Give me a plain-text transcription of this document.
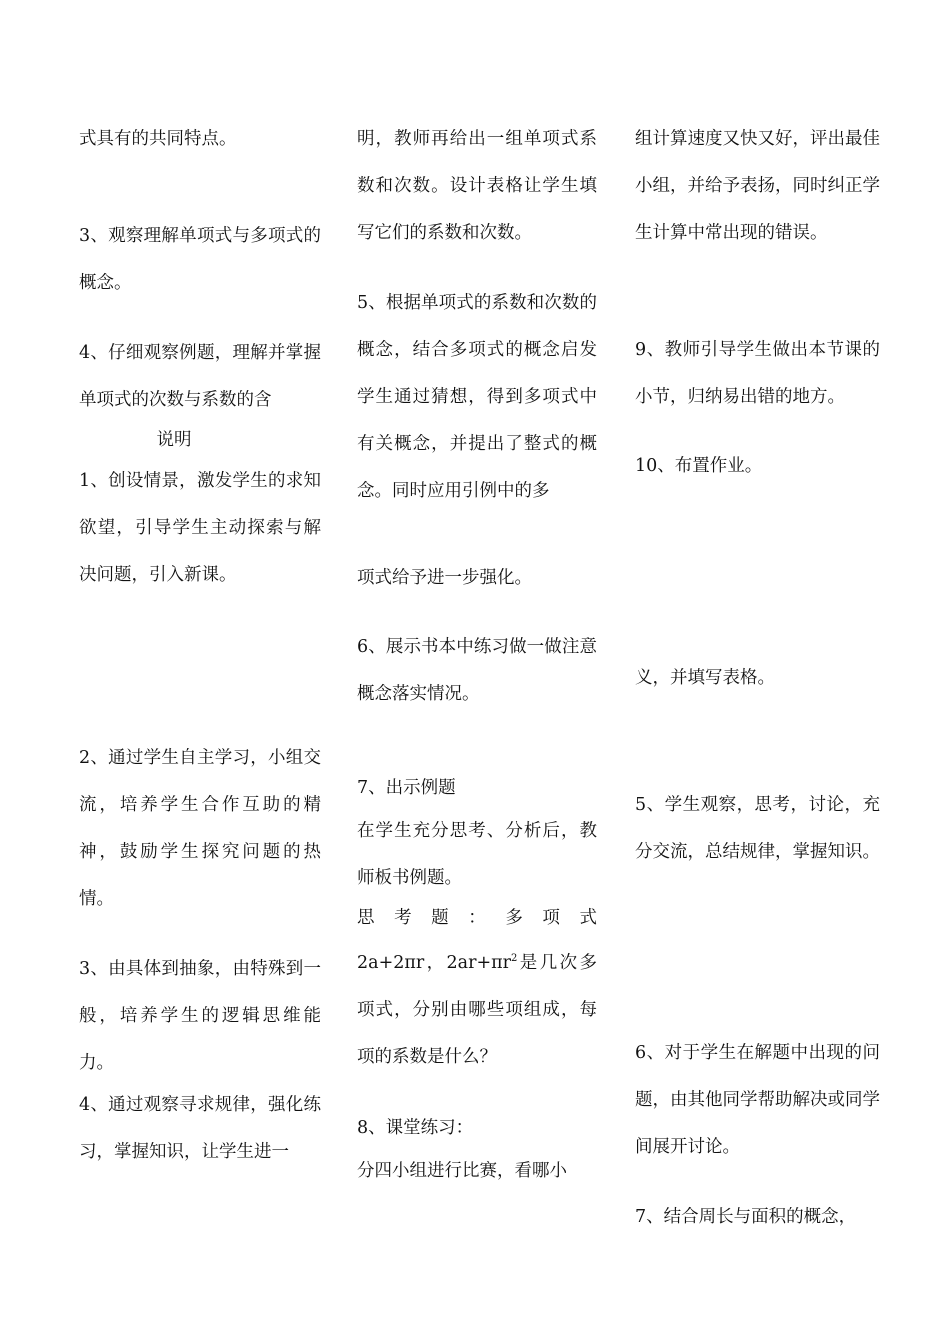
式具有的共同特点。
3、观察理解单项式与多项式的概念。
4、仔细观察例题，理解并掌握单项式的次数与系数的含
说明
1、创设情景，激发学生的求知欲望，引导学生主动探索与解决问题，引入新课。
2、通过学生自主学习，小组交流，培养学生合作互助的精神，鼓励学生探究问题的热情。
3、由具体到抽象，由特殊到一般，培养学生的逻辑思维能力。
4、通过观察寻求规律，强化练习，掌握知识，让学生进一
明，教师再给出一组单项式系数和次数。设计表格让学生填写它们的系数和次数。
5、根据单项式的系数和次数的概念，结合多项式的概念启发学生通过猜想，得到多项式中有关概念，并提出了整式的概念。同时应用引例中的多
项式给予进一步强化。
6、展示书本中练习做一做注意概念落实情况。
7、出示例题
在学生充分思考、分析后，教师板书例题。
思考题：多项式
2a+2πr，$2ar+\pi r^2$是几次多项式，分别由哪些项组成，每项的系数是什么？
8、课堂练习：
分四小组进行比赛，看哪小
组计算速度又快又好，评出最佳小组，并给予表扬，同时纠正学生计算中常出现的错误。
9、教师引导学生做出本节课的小节，归纳易出错的地方。
10、布置作业。
义，并填写表格。
5、学生观察，思考，讨论，充分交流，总结规律，掌握知识。
6、对于学生在解题中出现的问题，由其他同学帮助解决或同学间展开讨论。
7、结合周长与面积的概念，
